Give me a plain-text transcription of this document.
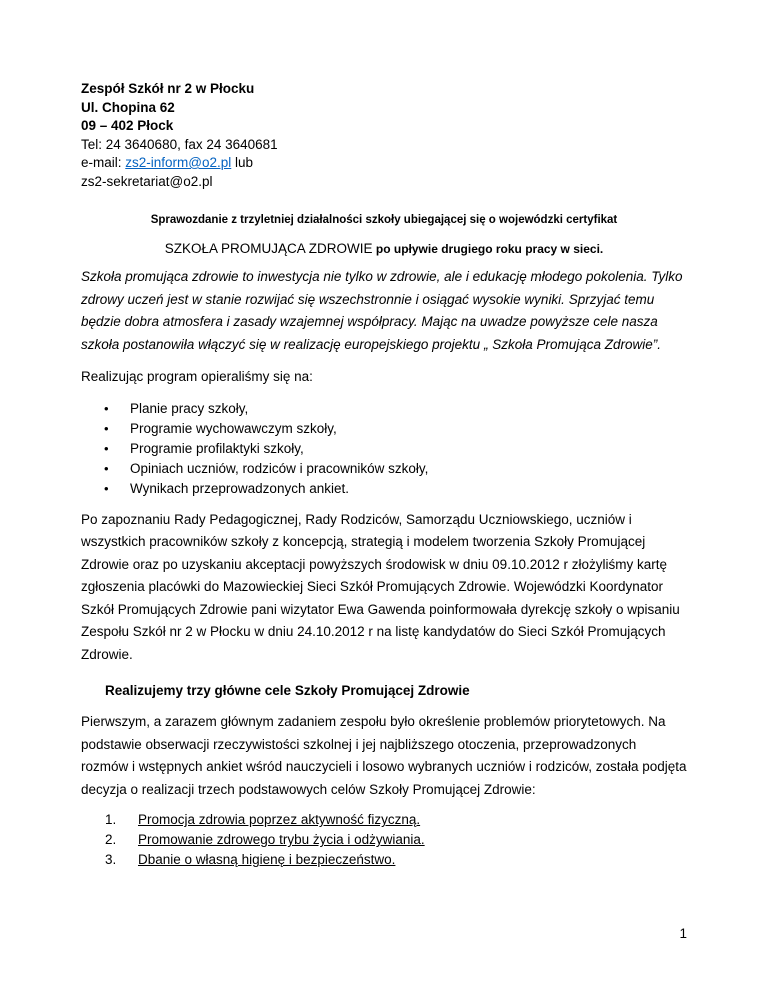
Zespół Szkół nr 2 w Płocku

Ul. Chopina 62

09 – 402 Płock

Tel: 24 3640680, fax 24 3640681

e-mail: zs2-inform@o2.pl lub

zs2-sekretariat@o2.pl

Sprawozdanie z trzyletniej działalności szkoły ubiegającej się o wojewódzki certyfikat

SZKOŁA PROMUJĄCA ZDROWIE po upływie drugiego roku pracy w sieci.

Szkoła promująca zdrowie to inwestycja nie tylko w zdrowie, ale i edukację młodego pokolenia. Tylko zdrowy uczeń jest w stanie rozwijać się wszechstronnie i osiągać wysokie wyniki. Sprzyjać temu będzie dobra atmosfera i zasady wzajemnej współpracy. Mając na uwadze powyższe cele nasza szkoła postanowiła włączyć się w realizację europejskiego projektu „ Szkoła Promująca Zdrowie”.

Realizując program opieraliśmy się na:

•	Planie pracy szkoły,
•	Programie wychowawczym szkoły,
•	Programie profilaktyki szkoły,
•	Opiniach uczniów, rodziców i pracowników szkoły,
•	Wynikach przeprowadzonych ankiet.

Po zapoznaniu Rady Pedagogicznej, Rady Rodziców, Samorządu Uczniowskiego, uczniów i wszystkich pracowników szkoły z koncepcją, strategią i modelem tworzenia Szkoły Promującej Zdrowie oraz po uzyskaniu akceptacji powyższych środowisk w dniu 09.10.2012 r złożyliśmy kartę zgłoszenia placówki do Mazowieckiej Sieci Szkół Promujących Zdrowie. Wojewódzki Koordynator Szkół Promujących Zdrowie pani wizytator Ewa Gawenda poinformowała dyrekcję szkoły o wpisaniu Zespołu Szkół nr 2 w Płocku w dniu 24.10.2012 r na listę kandydatów do Sieci Szkół Promujących Zdrowie.

Realizujemy trzy główne cele Szkoły Promującej Zdrowie

Pierwszym, a zarazem głównym zadaniem zespołu było określenie problemów priorytetowych. Na podstawie obserwacji rzeczywistości szkolnej i jej najbliższego otoczenia, przeprowadzonych rozmów i wstępnych ankiet wśród nauczycieli i losowo wybranych uczniów i rodziców, została podjęta decyzja o realizacji trzech podstawowych celów Szkoły Promującej Zdrowie:

1. Promocja zdrowia poprzez aktywność fizyczną.
2. Promowanie zdrowego trybu życia i odżywiania.
3. Dbanie o własną higienę i bezpieczeństwo.
1
